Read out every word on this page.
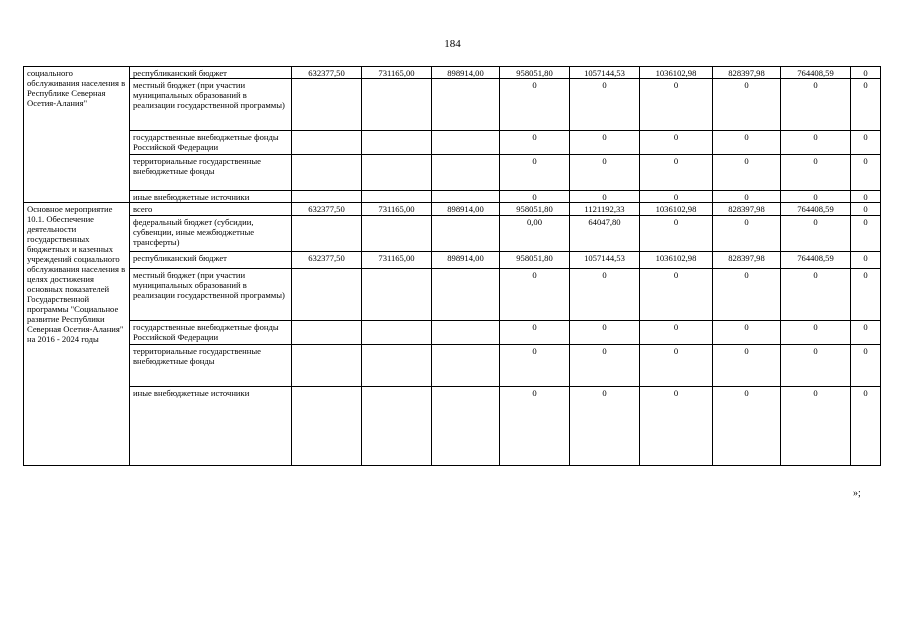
184
социального обслуживания населения в Республике Северная Осетия-Алания"	республиканский бюджет	632377,50	731165,00	898914,00	958051,80	1057144,53	1036102,98	828397,98	764408,59	0
	местный бюджет (при участии муниципальных образований в реализации государственной программы)				0	0	0	0	0	0
	государственные внебюджетные фонды Российской Федерации				0	0	0	0	0	0
	территориальные государственные внебюджетные фонды				0	0	0	0	0	0
	иные внебюджетные источники				0	0	0	0	0	0
Основное мероприятие 10.1. Обеспечение деятельности государственных бюджетных и казенных учреждений социального обслуживания населения в целях достижения основных показателей Государственной программы "Социальное развитие Республики Северная Осетия-Алания" на 2016 - 2024 годы	всего	632377,50	731165,00	898914,00	958051,80	1121192,33	1036102,98	828397,98	764408,59	0
	федеральный бюджет (субсидии, субвенции, иные межбюджетные трансферты)				0,00	64047,80	0	0	0	0
	республиканский бюджет	632377,50	731165,00	898914,00	958051,80	1057144,53	1036102,98	828397,98	764408,59	0
	местный бюджет (при участии муниципальных образований в реализации государственной программы)				0	0	0	0	0	0
	государственные внебюджетные фонды Российской Федерации				0	0	0	0	0	0
	территориальные государственные внебюджетные фонды				0	0	0	0	0	0
	иные внебюджетные источники				0	0	0	0	0	0
»;
